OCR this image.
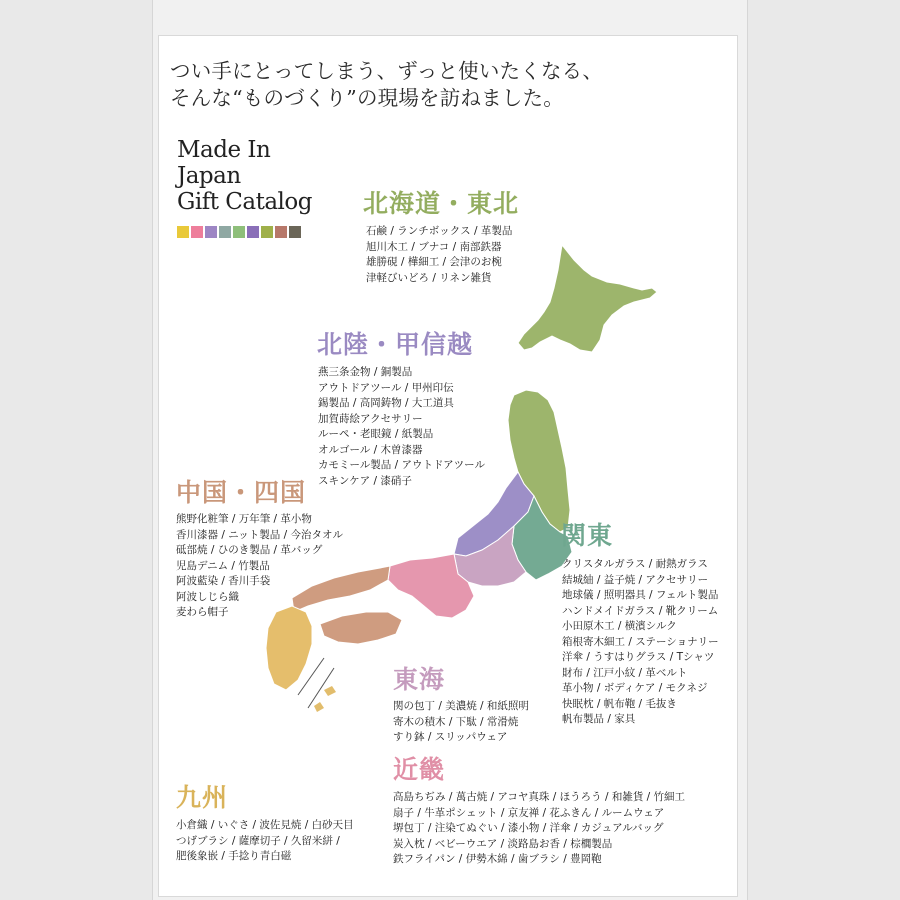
つい手にとってしまう、ずっと使いたくなる、
そんな“ものづくり”の現場を訪ねました。
Made In
Japan
Gift Catalog 北海道・東北
石鹸 / ランチボックス / 革製品
旭川木工 / ブナコ / 南部鉄器
雄勝硯 / 樺細工 / 会津のお椀
津軽びいどろ / リネン雑貨
北陸・甲信越
燕三条金物 / 銅製品
アウトドアツール / 甲州印伝
錫製品 / 高岡鋳物 / 大工道具
加賀蒔絵アクセサリー
ルーペ・老眼鏡 / 紙製品
オルゴール / 木曽漆器
カモミール製品 / アウトドアツール
スキンケア / 漆硝子
中国・四国
熊野化粧筆 / 万年筆 / 革小物
香川漆器 / ニット製品 / 今治タオル
砥部焼 / ひのき製品 / 革バッグ
児島デニム / 竹製品
阿波藍染 / 香川手袋
阿波しじら織
麦わら帽子
関東
クリスタルガラス / 耐熱ガラス
結城紬 / 益子焼 / アクセサリー
地球儀 / 照明器具 / フェルト製品
ハンドメイドガラス / 靴クリーム
小田原木工 / 横濱シルク
箱根寄木細工 / ステーショナリー
洋傘 / うすはりグラス / Tシャツ
財布 / 江戸小紋 / 革ベルト
革小物 / ボディケア / モクネジ
快眠枕 / 帆布鞄 / 毛抜き
帆布製品 / 家具
東海
関の包丁 / 美濃焼 / 和紙照明
寄木の積木 / 下駄 / 常滑焼
すり鉢 / スリッパウェア
近畿
高島ちぢみ / 萬古焼 / アコヤ真珠 / ほうろう / 和雑貨 / 竹細工
扇子 / 牛革ポシェット / 京友禅 / 花ふきん / ルームウェア
堺包丁 / 注染てぬぐい / 漆小物 / 洋傘 / カジュアルバッグ
炭入枕 / ベビーウエア / 淡路島お香 / 棕櫚製品
鉄フライパン / 伊勢木綿 / 歯ブラシ / 豊岡鞄
九州
小倉織 / いぐさ / 波佐見焼 / 白砂天目
つげブラシ / 薩摩切子 / 久留米絣 /
肥後象嵌 / 手捻り青白磁
